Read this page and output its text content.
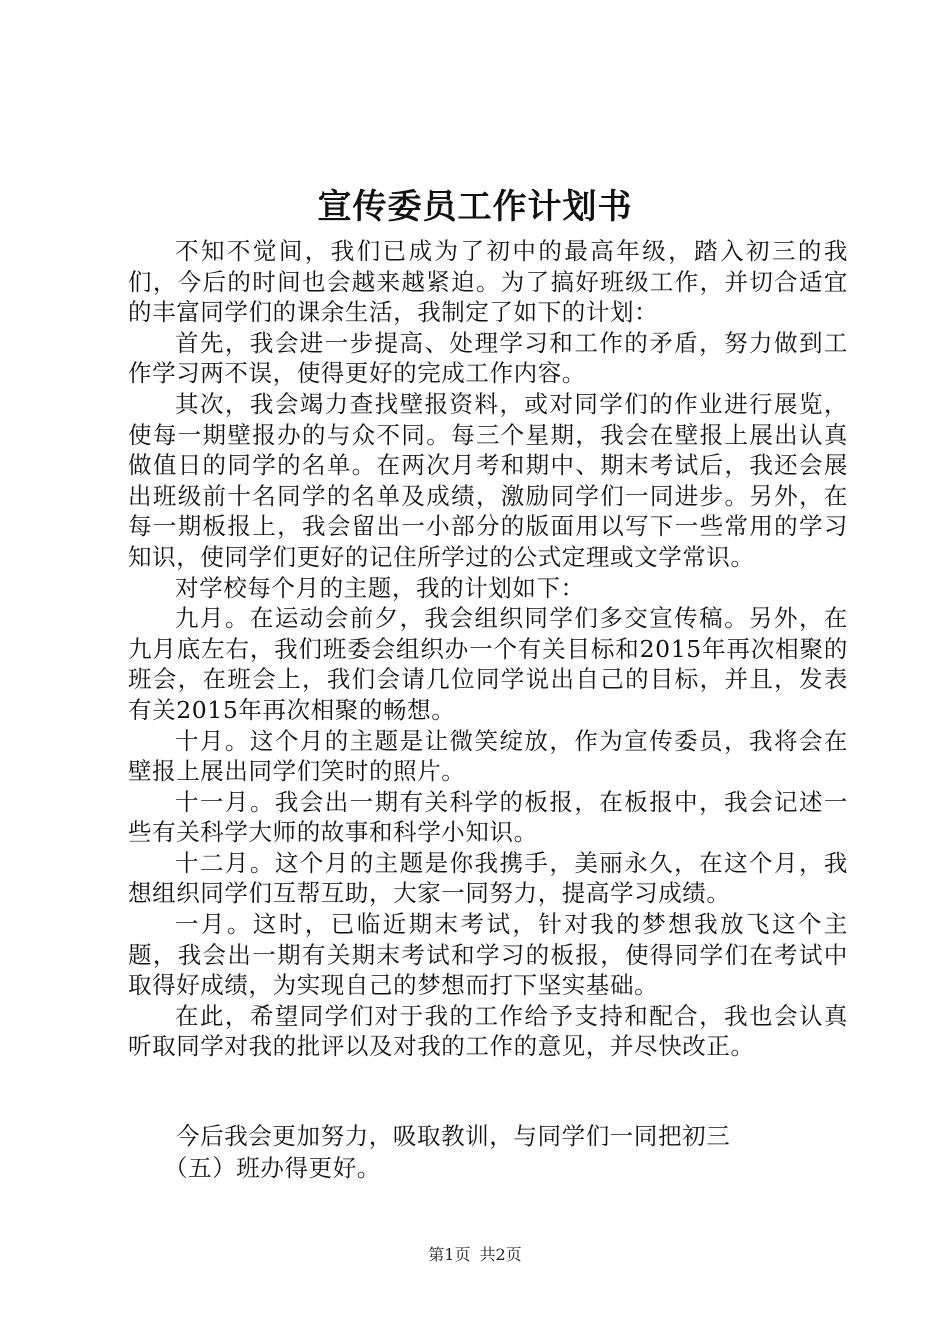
宣传委员工作计划书

不知不觉间，我们已成为了初中的最高年级，踏入初三的我们，今后的时间也会越来越紧迫。为了搞好班级工作，并切合适宜的丰富同学们的课余生活，我制定了如下的计划：

首先，我会进一步提高、处理学习和工作的矛盾，努力做到工作学习两不误，使得更好的完成工作内容。

其次，我会竭力查找壁报资料，或对同学们的作业进行展览，使每一期壁报办的与众不同。每三个星期，我会在壁报上展出认真做值日的同学的名单。在两次月考和期中、期末考试后，我还会展出班级前十名同学的名单及成绩，激励同学们一同进步。另外，在每一期板报上，我会留出一小部分的版面用以写下一些常用的学习知识，使同学们更好的记住所学过的公式定理或文学常识。

对学校每个月的主题，我的计划如下：

九月。在运动会前夕，我会组织同学们多交宣传稿。另外，在九月底左右，我们班委会组织办一个有关目标和2015年再次相聚的班会，在班会上，我们会请几位同学说出自己的目标，并且，发表有关2015年再次相聚的畅想。

十月。这个月的主题是让微笑绽放，作为宣传委员，我将会在壁报上展出同学们笑时的照片。

十一月。我会出一期有关科学的板报，在板报中，我会记述一些有关科学大师的故事和科学小知识。

十二月。这个月的主题是你我携手，美丽永久，在这个月，我想组织同学们互帮互助，大家一同努力，提高学习成绩。

一月。这时，已临近期末考试，针对我的梦想我放飞这个主题，我会出一期有关期末考试和学习的板报，使得同学们在考试中取得好成绩，为实现自己的梦想而打下坚实基础。

在此，希望同学们对于我的工作给予支持和配合，我也会认真听取同学对我的批评以及对我的工作的意见，并尽快改正。

今后我会更加努力，吸取教训，与同学们一同把初三

（五）班办得更好。

第1页 共2页
